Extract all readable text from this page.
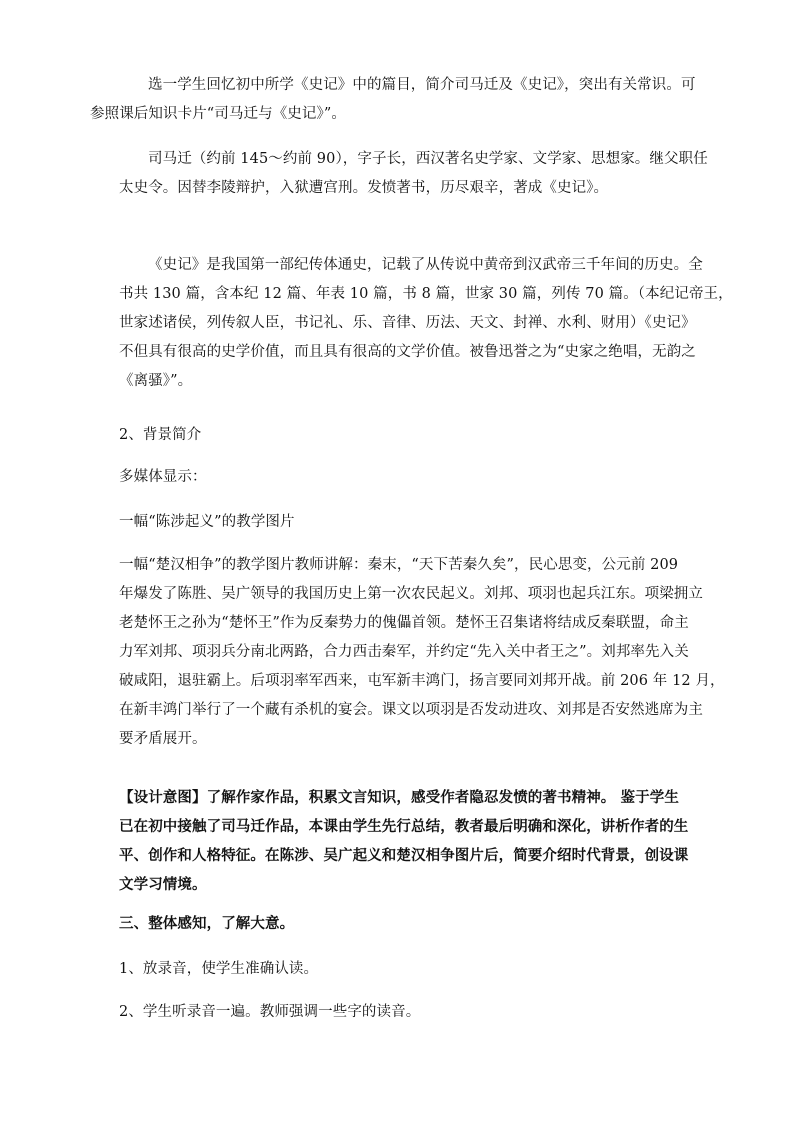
选一学生回忆初中所学《史记》中的篇目，简介司马迁及《史记》，突出有关常识。可
参照课后知识卡片“司马迁与《史记》”。

司马迁（约前 145～约前 90），字子长，西汉著名史学家、文学家、思想家。继父职任
太史令。因替李陵辩护，入狱遭宫刑。发愤著书，历尽艰辛，著成《史记》。

《史记》是我国第一部纪传体通史，记载了从传说中黄帝到汉武帝三千年间的历史。全
书共 130 篇，含本纪 12 篇、年表 10 篇，书 8 篇，世家 30 篇，列传 70 篇。（本纪记帝王，
世家述诸侯，列传叙人臣，书记礼、乐、音律、历法、天文、封禅、水利、财用）《史记》
不但具有很高的史学价值，而且具有很高的文学价值。被鲁迅誉之为“史家之绝唱，无韵之
《离骚》”。

2、背景简介

多媒体显示：

一幅“陈涉起义”的教学图片

一幅“楚汉相争”的教学图片教师讲解：秦末，“天下苦秦久矣”，民心思变，公元前 209
年爆发了陈胜、吴广领导的我国历史上第一次农民起义。刘邦、项羽也起兵江东。项梁拥立
老楚怀王之孙为“楚怀王”作为反秦势力的傀儡首领。楚怀王召集诸将结成反秦联盟，命主
力军刘邦、项羽兵分南北两路，合力西击秦军，并约定“先入关中者王之”。刘邦率先入关
破咸阳，退驻霸上。后项羽率军西来，屯军新丰鸿门，扬言要同刘邦开战。前 206 年 12 月，
在新丰鸿门举行了一个藏有杀机的宴会。课文以项羽是否发动进攻、刘邦是否安然逃席为主
要矛盾展开。

【设计意图】了解作家作品，积累文言知识，感受作者隐忍发愤的著书精神。 鉴于学生
已在初中接触了司马迁作品，本课由学生先行总结，教者最后明确和深化，讲析作者的生
平、创作和人格特征。在陈涉、吴广起义和楚汉相争图片后，简要介绍时代背景，创设课
文学习情境。

三、整体感知，了解大意。

1、放录音，使学生准确认读。

2、学生听录音一遍。教师强调一些字的读音。
